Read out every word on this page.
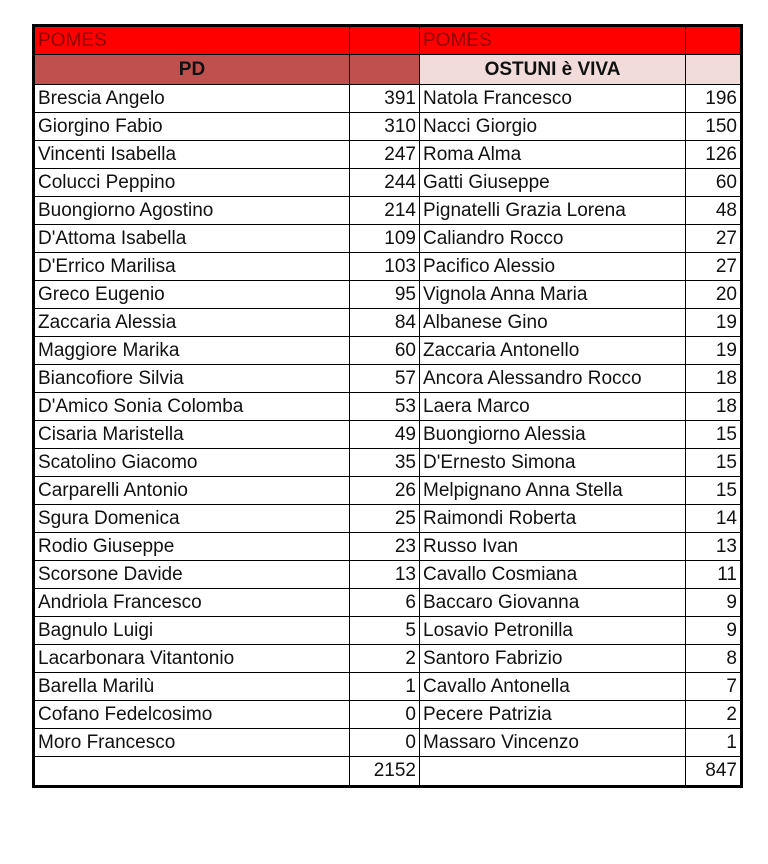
POMES		POMES	
PD		OSTUNI è VIVA	
Brescia Angelo	391	Natola Francesco	196
Giorgino Fabio	310	Nacci Giorgio	150
Vincenti Isabella	247	Roma Alma	126
Colucci Peppino	244	Gatti Giuseppe	60
Buongiorno Agostino	214	Pignatelli Grazia Lorena	48
D'Attoma Isabella	109	Caliandro Rocco	27
D'Errico Marilisa	103	Pacifico Alessio	27
Greco Eugenio	95	Vignola Anna Maria	20
Zaccaria Alessia	84	Albanese Gino	19
Maggiore Marika	60	Zaccaria Antonello	19
Biancofiore Silvia	57	Ancora Alessandro Rocco	18
D'Amico Sonia Colomba	53	Laera Marco	18
Cisaria Maristella	49	Buongiorno Alessia	15
Scatolino Giacomo	35	D'Ernesto Simona	15
Carparelli Antonio	26	Melpignano Anna Stella	15
Sgura Domenica	25	Raimondi Roberta	14
Rodio Giuseppe	23	Russo Ivan	13
Scorsone Davide	13	Cavallo Cosmiana	11
Andriola Francesco	6	Baccaro Giovanna	9
Bagnulo Luigi	5	Losavio Petronilla	9
Lacarbonara Vitantonio	2	Santoro Fabrizio	8
Barella Marilù	1	Cavallo Antonella	7
Cofano Fedelcosimo	0	Pecere Patrizia	2
Moro Francesco	0	Massaro Vincenzo	1
	2152		847
